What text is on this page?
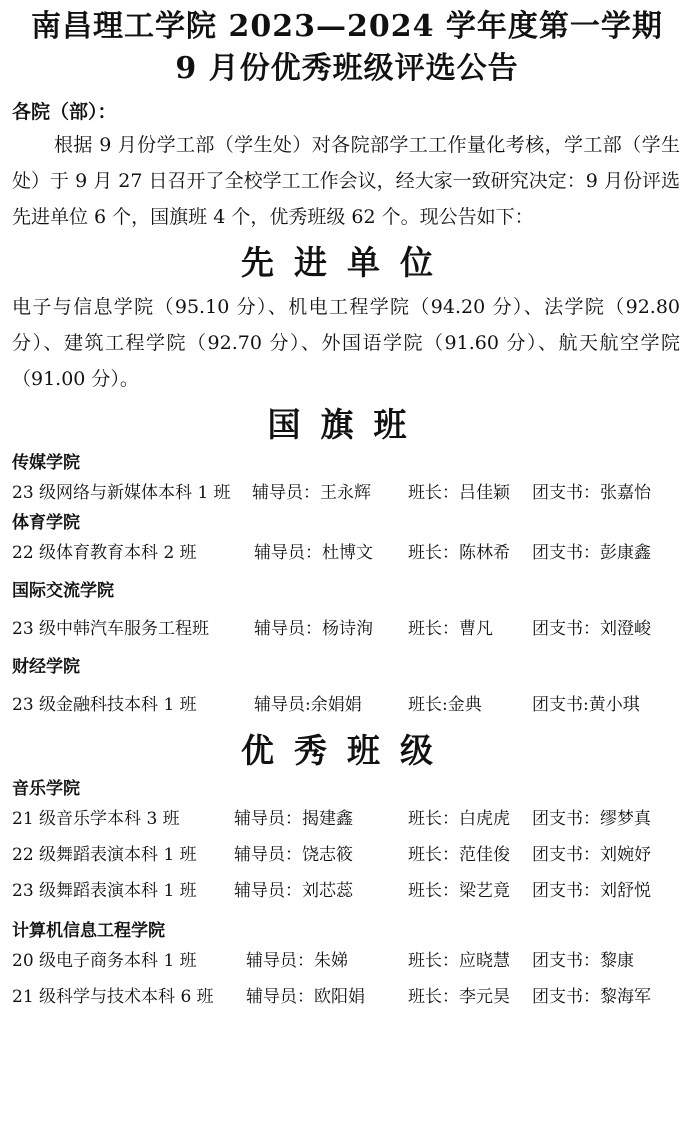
南昌理工学院 2023—2024 学年度第一学期
9 月份优秀班级评选公告
各院（部）：
根据 9 月份学工部（学生处）对各院部学工工作量化考核，学工部（学生处）于 9 月 27 日召开了全校学工工作会议，经大家一致研究决定：9 月份评选先进单位 6 个，国旗班 4 个，优秀班级 62 个。现公告如下：
先进单位
电子与信息学院（95.10 分）、机电工程学院（94.20 分）、法学院（92.80 分）、建筑工程学院（92.70 分）、外国语学院（91.60 分）、航天航空学院（91.00 分）。
国旗班
传媒学院
23 级网络与新媒体本科 1 班 辅导员：王永辉 班长：吕佳颖 团支书：张嘉怡
体育学院
22 级体育教育本科 2 班	辅导员：杜博文 班长：陈林希 团支书：彭康鑫
国际交流学院
23 级中韩汽车服务工程班	辅导员：杨诗洵 班长：曹凡 团支书：刘澄峻
财经学院
23 级金融科技本科 1 班	辅导员:余娟娟	班长:金典	团支书:黄小琪
优秀班级
音乐学院
21 级音乐学本科 3 班	辅导员：揭建鑫	班长：白虎虎 团支书：缪梦真
22 级舞蹈表演本科 1 班 辅导员：饶志筱	班长：范佳俊 团支书：刘婉妤
23 级舞蹈表演本科 1 班 辅导员：刘芯蕊	班长：梁艺竟 团支书：刘舒悦
计算机信息工程学院
20 级电子商务本科 1 班	辅导员：朱娣	班长：应晓慧 团支书：黎康
21 级科学与技术本科 6 班 辅导员：欧阳娟	班长：李元昊 团支书：黎海军
